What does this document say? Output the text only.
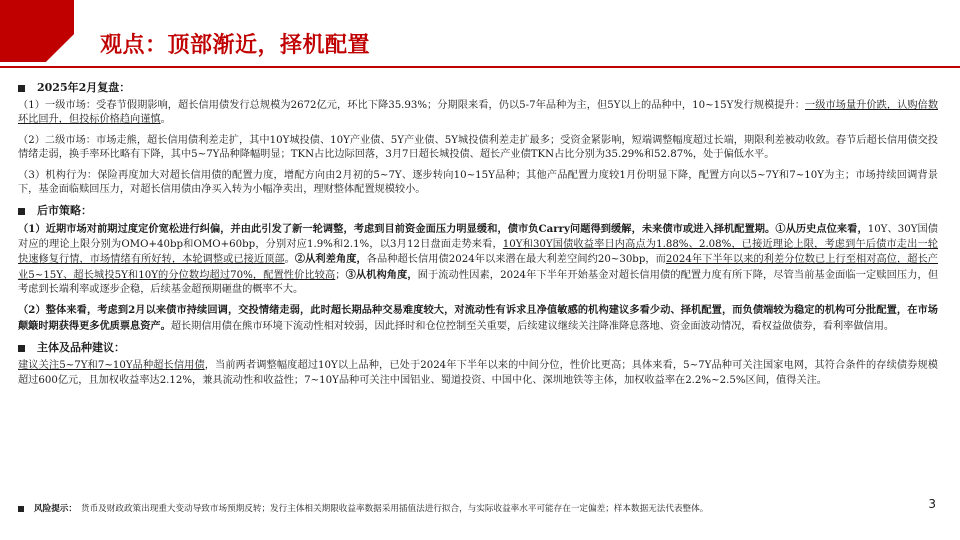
观点：顶部渐近，择机配置
2025年2月复盘：

（1）一级市场：受春节假期影响，超长信用债发行总规模为2672亿元，环比下降35.93%；分期限来看，仍以5-7年品种为主，但5Y以上的品种中，10~15Y发行规模提升：一级市场量升价跌，认购倍数环比回升，但投标价格趋向谨慎。

（2）二级市场：市场走熊，超长信用债利差走扩，其中10Y城投债、10Y产业债、5Y产业债、5Y城投债利差走扩最多；受资金紧影响，短端调整幅度超过长端，期限利差被动收敛。春节后超长信用债交投情绪走弱，换手率环比略有下降，其中5~7Y品种降幅明显；TKN占比边际回落，3月7日超长城投债、超长产业债TKN占比分别为35.29%和52.87%，处于偏低水平。

（3）机构行为：保险再度加大对超长信用债的配置力度，增配方向由2月初的5~7Y、逐步转向10~15Y品种；其他产品配置力度较1月份明显下降，配置方向以5~7Y和7~10Y为主；市场持续回调背景下，基金面临赎回压力，对超长信用债由净买入转为小幅净卖出，理财整体配置规模较小。

后市策略：

（1）近期市场对前期过度定价宽松进行纠偏，并由此引发了新一轮调整，考虑到目前资金面压力明显缓和，债市负Carry问题得到缓解，未来债市或进入择机配置期。①从历史点位来看，10Y、30Y国债对应的理论上限分别为OMO+40bp和OMO+60bp，分别对应1.9%和2.1%，以3月12日盘面走势来看，10Y和30Y国债收益率日内高点为1.88%、2.08%，已接近理论上限，考虑到午后债市走出一轮快速修复行情，市场情绪有所好转，本轮调整或已接近顶部。②从利差角度，各品种超长信用债2024年以来潜在最大利差空间约20~30bp，而2024年下半年以来的利差分位数已上行至相对高位，超长产业5~15Y、超长城投5Y和10Y的分位数均超过70%，配置性价比较高；③从机构角度，囿于流动性因素，2024年下半年开始基金对超长信用债的配置力度有所下降，尽管当前基金面临一定赎回压力，但考虑到长端利率或逐步企稳，后续基金超预期砸盘的概率不大。

（2）整体来看，考虑到2月以来债市持续回调，交投情绪走弱，此时超长期品种交易难度较大，对流动性有诉求且净值敏感的机构建议多看少动、择机配置，而负债端较为稳定的机构可分批配置，在市场颠簸时期获得更多优质票息资产。超长期信用债在熊市环境下流动性相对较弱，因此择时和仓位控制至关重要，后续建议继续关注降准降息落地、资金面波动情况，看权益做债券，看利率做信用。

主体及品种建议：

建议关注5~7Y和7~10Y品种超长信用债，当前两者调整幅度超过10Y以上品种，已处于2024年下半年以来的中间分位，性价比更高；具体来看，5~7Y品种可关注国家电网，其符合条件的存续债券规模超过600亿元，且加权收益率达2.12%，兼具流动性和收益性；7~10Y品种可关注中国铝业、蜀道投资、中国中化、深圳地铁等主体，加权收益率在2.2%~2.5%区间，值得关注。

风险提示： 货币及财政政策出现重大变动导致市场预期反转；发行主体相关期限收益率数据采用插值法进行拟合，与实际收益率水平可能存在一定偏差；样本数据无法代表整体。	3
